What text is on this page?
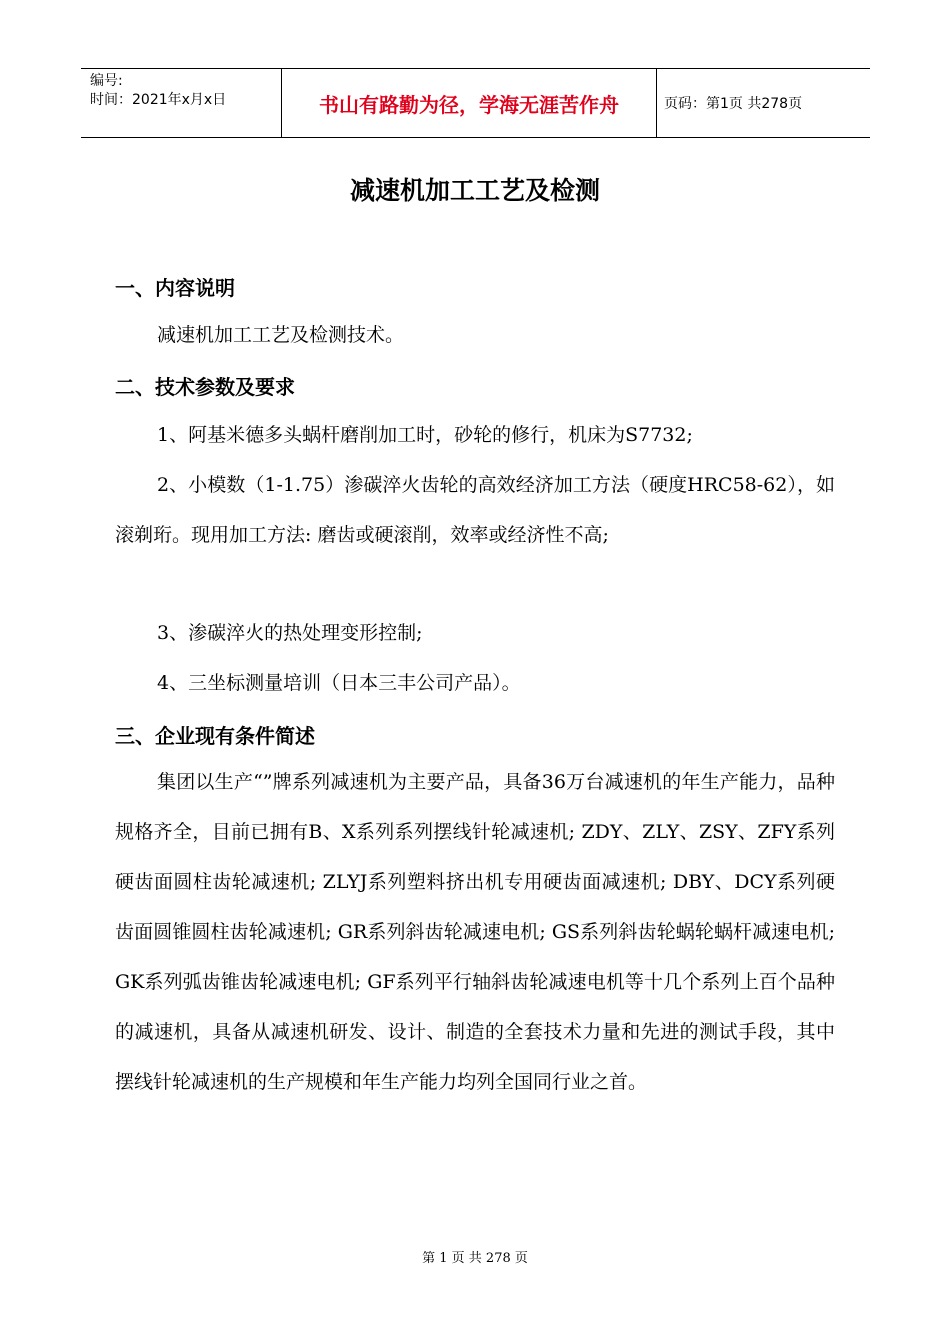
编号:
时间：2021年x月x日	书山有路勤为径，学海无涯苦作舟	页码：第1页 共278页
减速机加工工艺及检测
一、内容说明

减速机加工工艺及检测技术。

二、技术参数及要求

1、阿基米德多头蜗杆磨削加工时，砂轮的修行，机床为S7732;

2、小模数（1-1.75）渗碳淬火齿轮的高效经济加工方法（硬度HRC58-62），如滚剃珩。现用加工方法: 磨齿或硬滚削，效率或经济性不高;

3、渗碳淬火的热处理变形控制;

4、三坐标测量培训（日本三丰公司产品）。

三、企业现有条件简述

集团以生产“”牌系列减速机为主要产品，具备36万台减速机的年生产能力，品种规格齐全，目前已拥有B、X系列系列摆线针轮减速机; ZDY、ZLY、ZSY、ZFY系列硬齿面圆柱齿轮减速机; ZLYJ系列塑料挤出机专用硬齿面减速机; DBY、DCY系列硬齿面圆锥圆柱齿轮减速机; GR系列斜齿轮减速电机; GS系列斜齿轮蜗轮蜗杆减速电机; GK系列弧齿锥齿轮减速电机; GF系列平行轴斜齿轮减速电机等十几个系列上百个品种的减速机，具备从减速机研发、设计、制造的全套技术力量和先进的测试手段，其中摆线针轮减速机的生产规模和年生产能力均列全国同行业之首。

第 1 页 共 278 页
